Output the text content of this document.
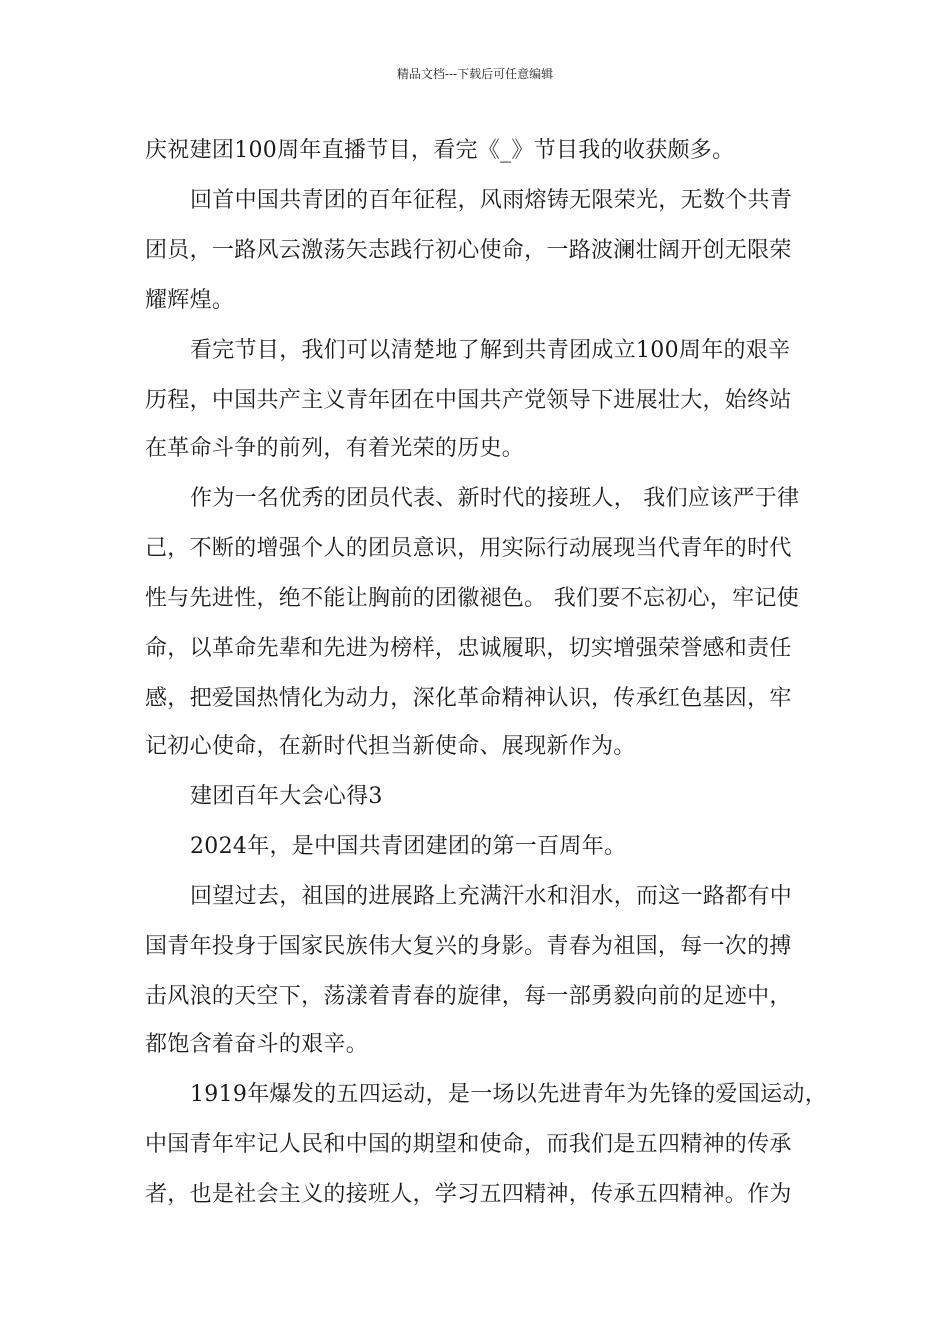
精品文档---下载后可任意编辑
庆祝建团100周年直播节目，看完《_》节目我的收获颇多。
回首中国共青团的百年征程，风雨熔铸无限荣光，无数个共青
团员，一路风云激荡矢志践行初心使命，一路波澜壮阔开创无限荣
耀辉煌。
看完节目，我们可以清楚地了解到共青团成立100周年的艰辛
历程，中国共产主义青年团在中国共产党领导下进展壮大，始终站
在革命斗争的前列，有着光荣的历史。
作为一名优秀的团员代表、新时代的接班人， 我们应该严于律
己，不断的增强个人的团员意识，用实际行动展现当代青年的时代
性与先进性，绝不能让胸前的团徽褪色。 我们要不忘初心，牢记使
命，以革命先辈和先进为榜样，忠诚履职，切实增强荣誉感和责任
感，把爱国热情化为动力，深化革命精神认识，传承红色基因，牢
记初心使命，在新时代担当新使命、展现新作为。
建团百年大会心得3
2024年，是中国共青团建团的第一百周年。
回望过去，祖国的进展路上充满汗水和泪水，而这一路都有中
国青年投身于国家民族伟大复兴的身影。青春为祖国，每一次的搏
击风浪的天空下，荡漾着青春的旋律，每一部勇毅向前的足迹中，
都饱含着奋斗的艰辛。
1919年爆发的五四运动，是一场以先进青年为先锋的爱国运动，
中国青年牢记人民和中国的期望和使命，而我们是五四精神的传承
者，也是社会主义的接班人，学习五四精神，传承五四精神。作为
